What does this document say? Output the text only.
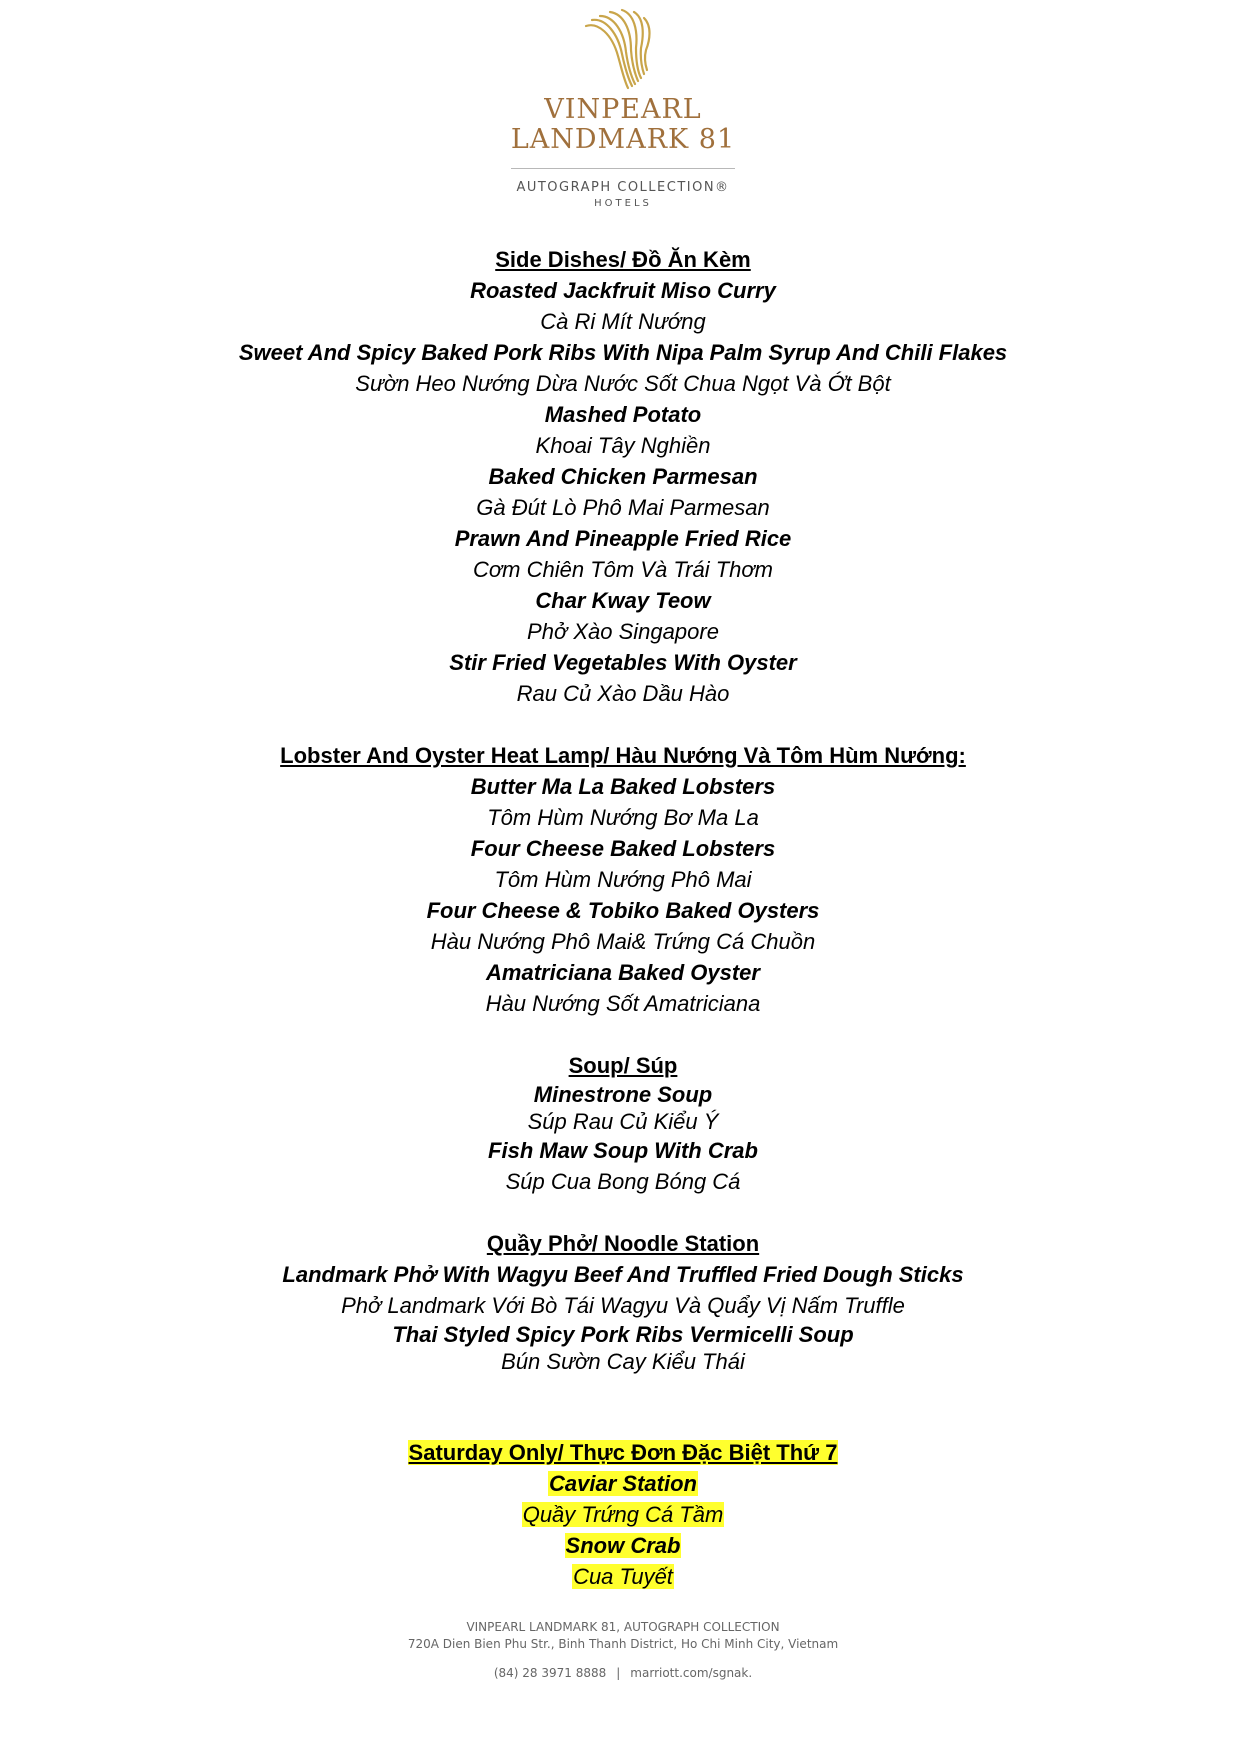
VINPEARL
LANDMARK 81
AUTOGRAPH COLLECTION®
HOTELS
Side Dishes/ Đồ Ăn Kèm
Roasted Jackfruit Miso Curry
Cà Ri Mít Nướng
Sweet And Spicy Baked Pork Ribs With Nipa Palm Syrup And Chili Flakes
Sườn Heo Nướng Dừa Nước Sốt Chua Ngọt Và Ớt Bột
Mashed Potato
Khoai Tây Nghiền
Baked Chicken Parmesan
Gà Đút Lò Phô Mai Parmesan
Prawn And Pineapple Fried Rice
Cơm Chiên Tôm Và Trái Thơm
Char Kway Teow
Phở Xào Singapore
Stir Fried Vegetables With Oyster
Rau Củ Xào Dầu Hào
Lobster And Oyster Heat Lamp/ Hàu Nướng Và Tôm Hùm Nướng:
Butter Ma La Baked Lobsters
Tôm Hùm Nướng Bơ Ma La
Four Cheese Baked Lobsters
Tôm Hùm Nướng Phô Mai
Four Cheese & Tobiko Baked Oysters
Hàu Nướng Phô Mai& Trứng Cá Chuồn
Amatriciana Baked Oyster
Hàu Nướng Sốt Amatriciana
Soup/ Súp
Minestrone Soup
Súp Rau Củ Kiểu Ý
Fish Maw Soup With Crab
Súp Cua Bong Bóng Cá
Quầy Phở/ Noodle Station
Landmark Phở With Wagyu Beef And Truffled Fried Dough Sticks
Phở Landmark Với Bò Tái Wagyu Và Quẩy Vị Nấm Truffle
Thai Styled Spicy Pork Ribs Vermicelli Soup
Bún Sườn Cay Kiểu Thái
Saturday Only/ Thực Đơn Đặc Biệt Thứ 7
Caviar Station
Quầy Trứng Cá Tầm
Snow Crab
Cua Tuyết
VINPEARL LANDMARK 81, AUTOGRAPH COLLECTION
720A Dien Bien Phu Str., Binh Thanh District, Ho Chi Minh City, Vietnam
(84) 28 3971 8888 | marriott.com/sgnak.
